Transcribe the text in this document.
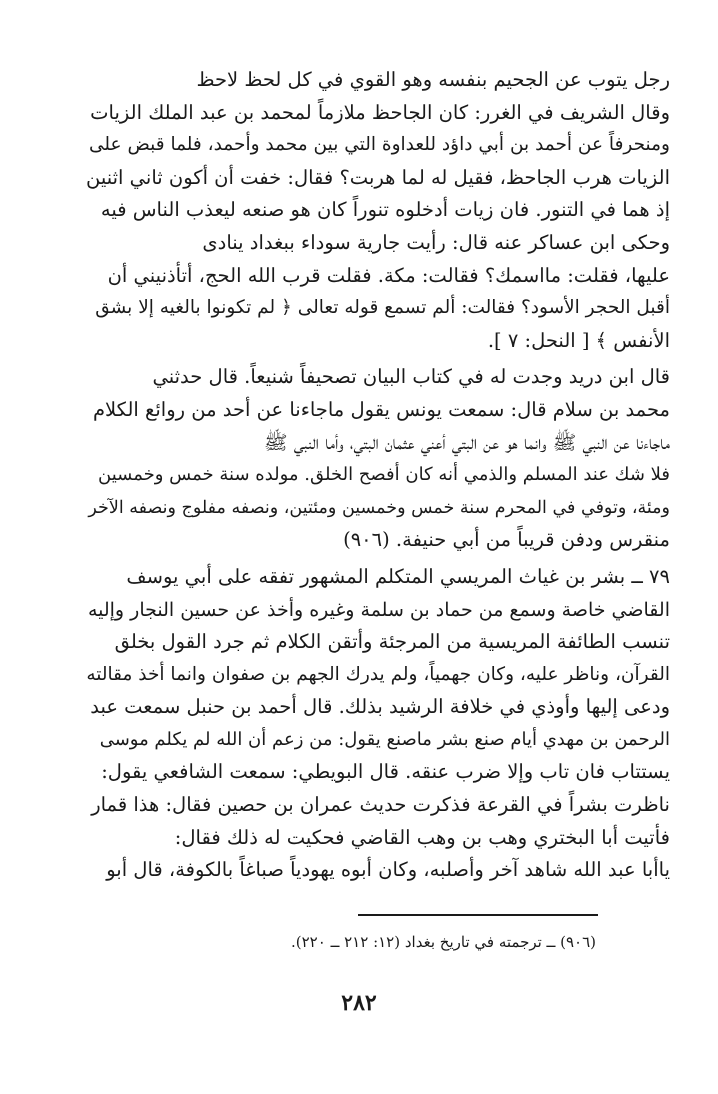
رجل يتوب عن الجحيم بنفسه وهو القوي في كل لحظ لاحظ
وقال الشريف في الغرر: كان الجاحظ ملازماً لمحمد بن عبد الملك الزيات
ومنحرفاً عن أحمد بن أبي داؤد للعداوة التي بين محمد وأحمد، فلما قبض على
الزيات هرب الجاحظ، فقيل له لما هربت؟ فقال: خفت أن أكون ثاني اثنين
إذ هما في التنور. فان زيات أدخلوه تنوراً كان هو صنعه ليعذب الناس فيه
وحكى ابن عساكر عنه قال: رأيت جارية سوداء ببغداد ينادى
عليها، فقلت: مااسمك؟ فقالت: مكة. فقلت قرب الله الحج، أتأذنيني أن
أقبل الحجر الأسود؟ فقالت: ألم تسمع قوله تعالى ﴿ لم تكونوا بالغيه إلا بشق
الأنفس ﴾ [ النحل: ٧ ].
قال ابن دريد وجدت له في كتاب البيان تصحيفاً شنيعاً. قال حدثني
محمد بن سلام قال: سمعت يونس يقول ماجاءنا عن أحد من روائع الكلام
ماجاءنا عن النبي ﷺ وانما هو عن البتي أعني عثمان البتي، وأما النبي ﷺ
فلا شك عند المسلم والذمي أنه كان أفصح الخلق. مولده سنة خمس وخمسين
ومئة، وتوفي في المحرم سنة خمس وخمسين ومئتين، ونصفه مفلوج ونصفه الآخر
منقرس ودفن قريباً من أبي حنيفة. (٩٠٦)
٧٩ ــ بشر بن غياث المريسي المتكلم المشهور تفقه على أبي يوسف
القاضي خاصة وسمع من حماد بن سلمة وغيره وأخذ عن حسين النجار وإليه
تنسب الطائفة المريسية من المرجئة وأتقن الكلام ثم جرد القول بخلق
القرآن، وناظر عليه، وكان جهمياً، ولم يدرك الجهم بن صفوان وانما أخذ مقالته
ودعى إليها وأوذي في خلافة الرشيد بذلك. قال أحمد بن حنبل سمعت عبد
الرحمن بن مهدي أيام صنع بشر ماصنع يقول: من زعم أن الله لم يكلم موسى
يستتاب فان تاب وإلا ضرب عنقه. قال البويطي: سمعت الشافعي يقول:
ناظرت بشراً في القرعة فذكرت حديث عمران بن حصين فقال: هذا قمار
فأتيت أبا البختري وهب بن وهب القاضي فحكيت له ذلك فقال:
ياأبا عبد الله شاهد آخر وأصلبه، وكان أبوه يهودياً صباغاً بالكوفة، قال أبو
(٩٠٦) ــ ترجمته في تاريخ بغداد (١٢: ٢١٢ ــ ٢٢٠).
٢٨٢
